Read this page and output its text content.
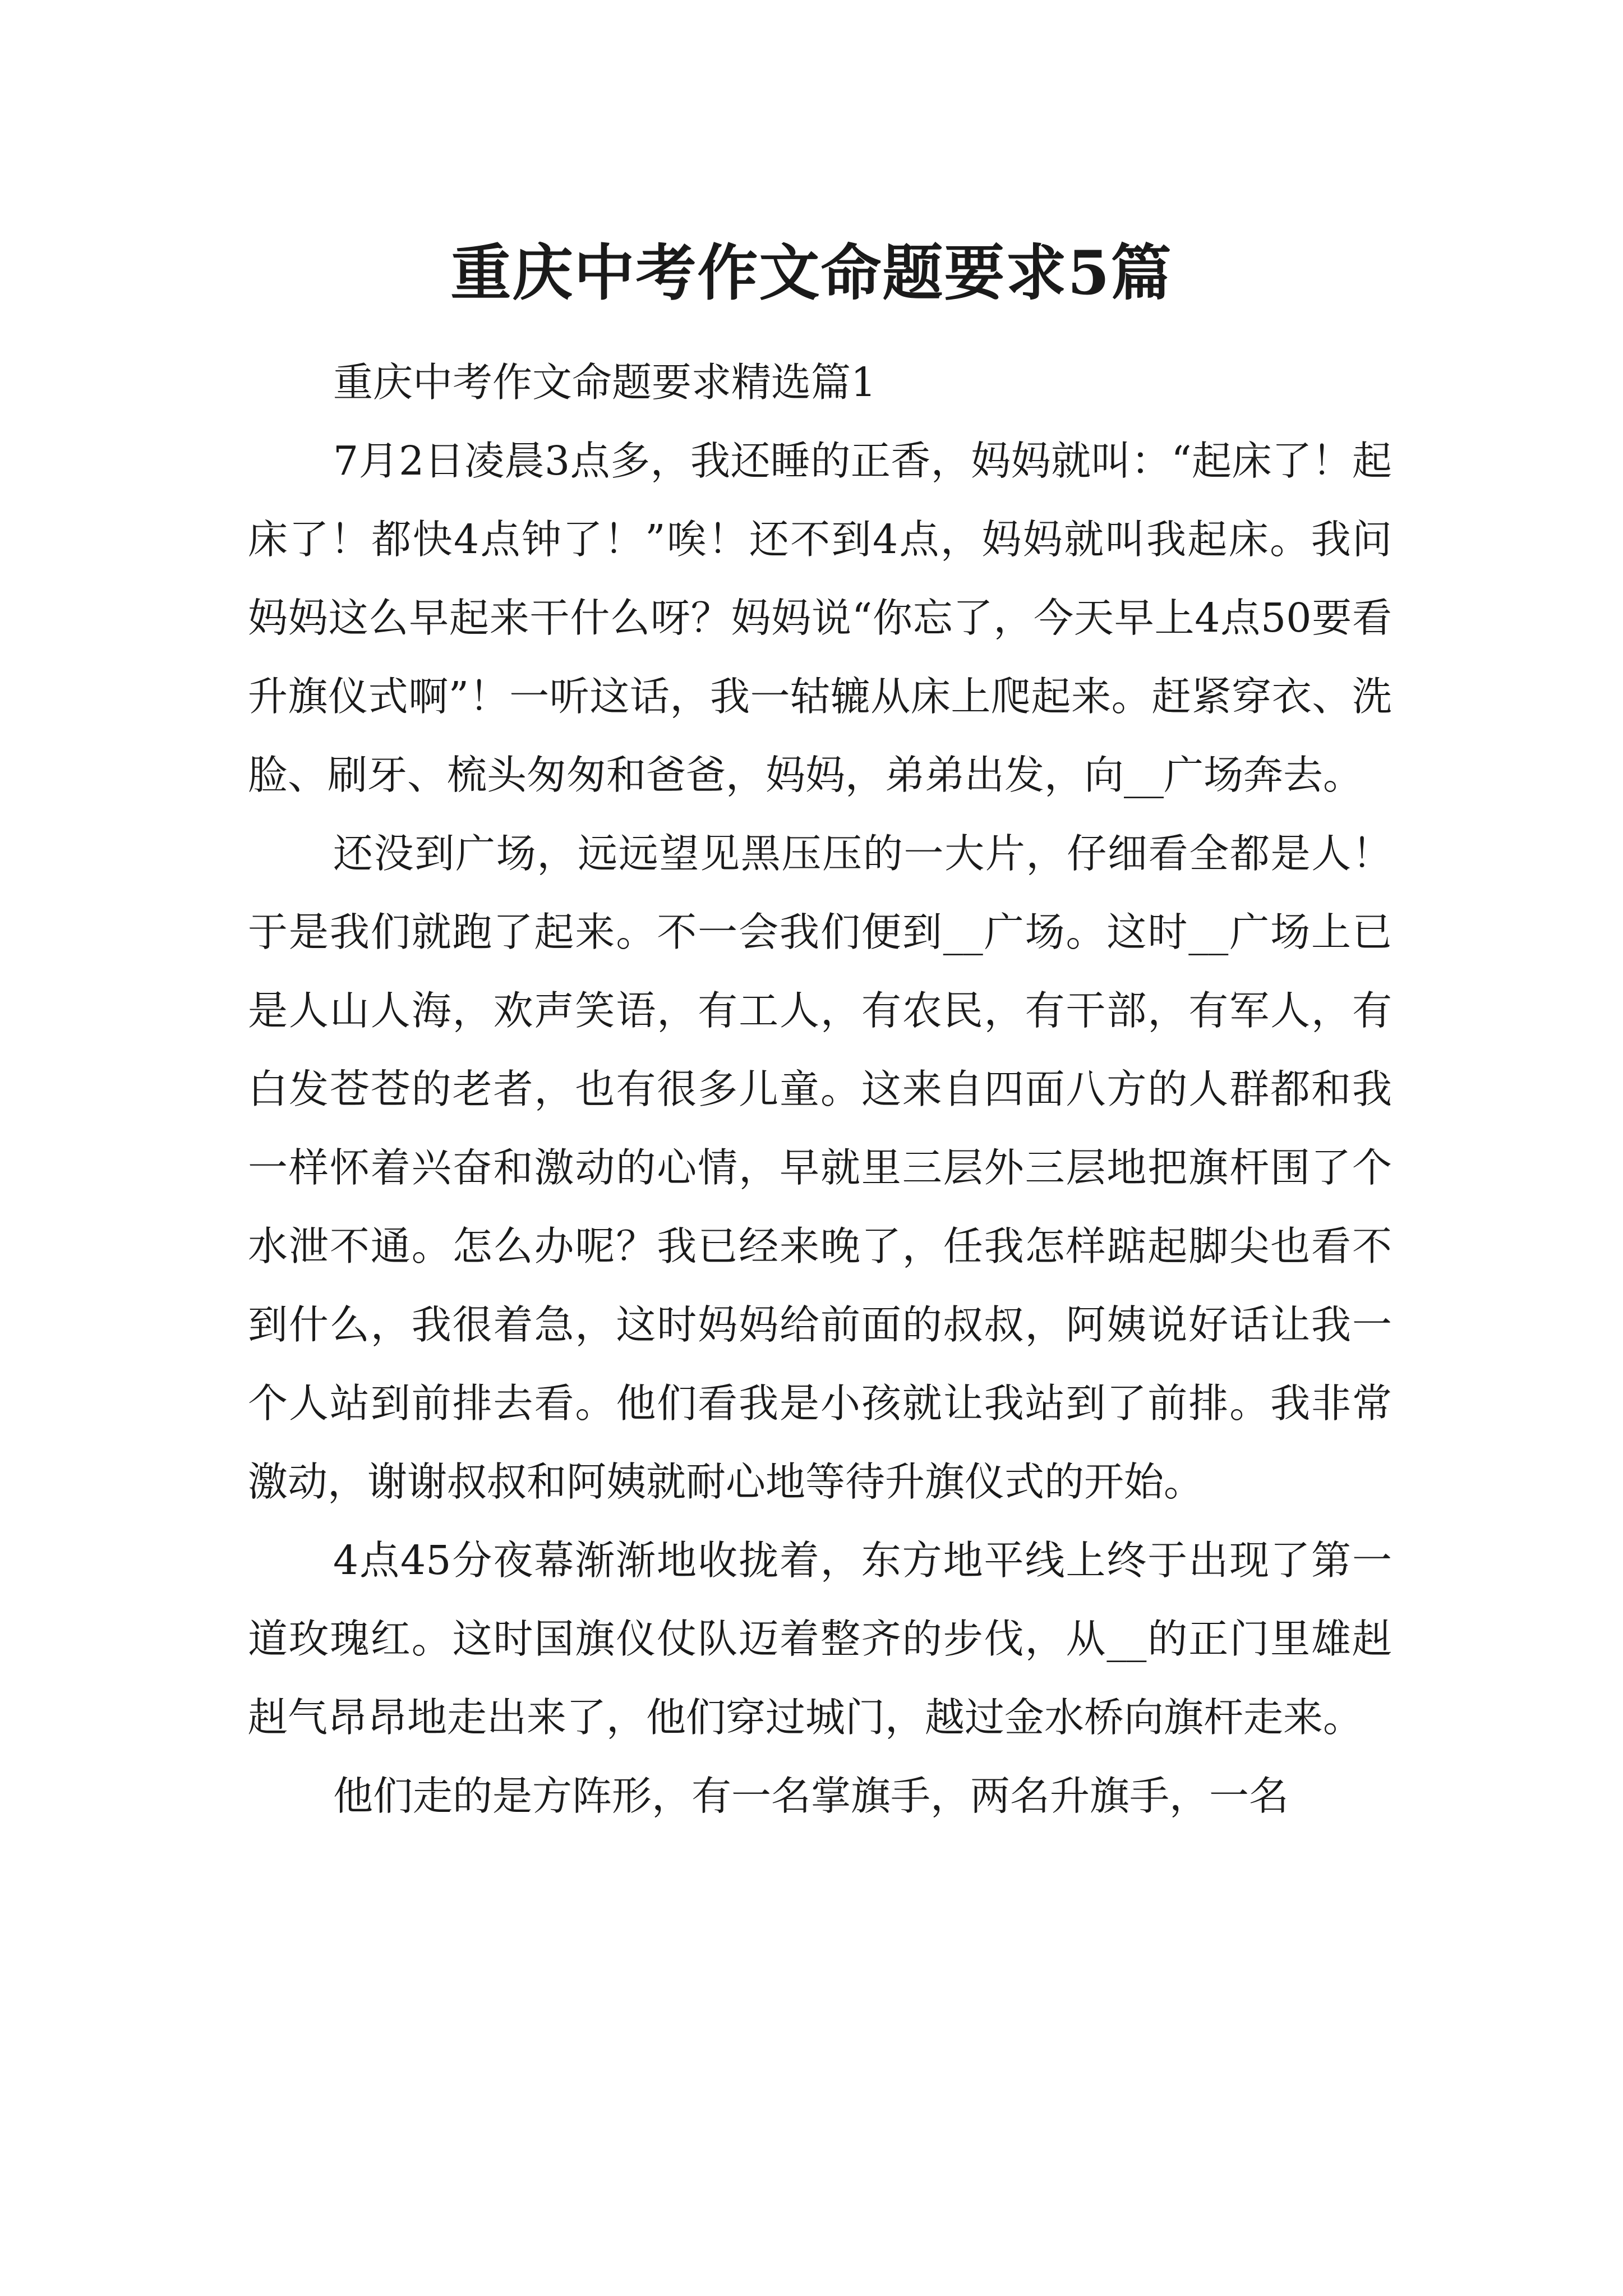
重庆中考作文命题要求5篇

重庆中考作文命题要求精选篇1

7月2日凌晨3点多，我还睡的正香，妈妈就叫：“起床了！起床了！都快4点钟了！”唉！还不到4点，妈妈就叫我起床。我问妈妈这么早起来干什么呀？妈妈说“你忘了，今天早上4点50要看升旗仪式啊”！一听这话，我一轱辘从床上爬起来。赶紧穿衣、洗脸、刷牙、梳头匆匆和爸爸，妈妈，弟弟出发，向__广场奔去。

还没到广场，远远望见黑压压的一大片，仔细看全都是人！于是我们就跑了起来。不一会我们便到__广场。这时__广场上已是人山人海，欢声笑语，有工人，有农民，有干部，有军人，有白发苍苍的老者，也有很多儿童。这来自四面八方的人群都和我一样怀着兴奋和激动的心情，早就里三层外三层地把旗杆围了个水泄不通。怎么办呢？我已经来晚了，任我怎样踮起脚尖也看不到什么，我很着急，这时妈妈给前面的叔叔，阿姨说好话让我一个人站到前排去看。他们看我是小孩就让我站到了前排。我非常激动，谢谢叔叔和阿姨就耐心地等待升旗仪式的开始。

4点45分夜幕渐渐地收拢着，东方地平线上终于出现了第一道玫瑰红。这时国旗仪仗队迈着整齐的步伐，从__的正门里雄赳赳气昂昂地走出来了，他们穿过城门，越过金水桥向旗杆走来。

他们走的是方阵形，有一名掌旗手，两名升旗手，一名
